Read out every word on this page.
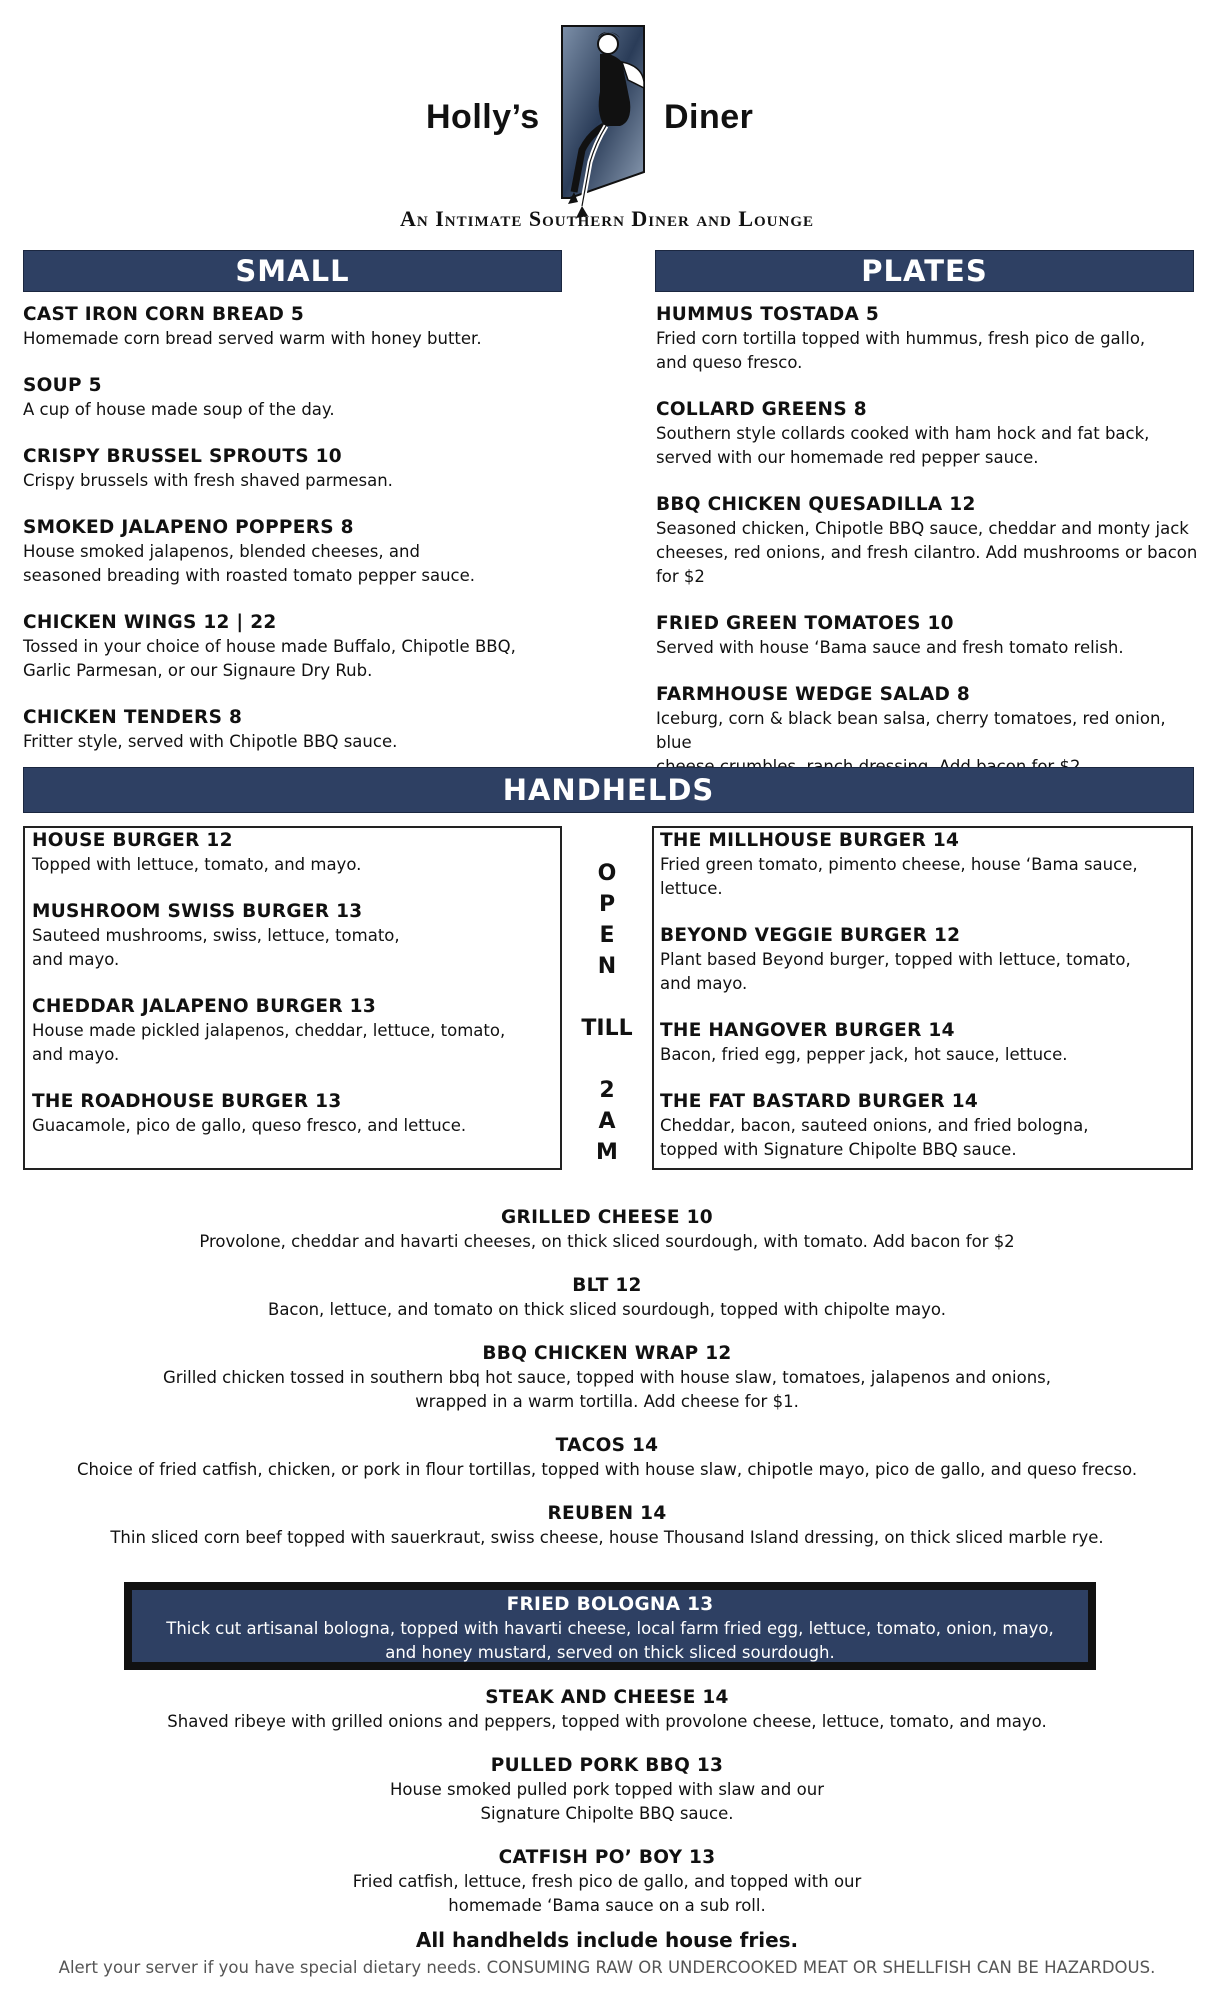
Holly’s	Diner
An Intimate Southern Diner and Lounge
SMALL
CAST IRON CORN BREAD 5
Homemade corn bread served warm with honey butter.
SOUP 5
A cup of house made soup of the day.
CRISPY BRUSSEL SPROUTS 10
Crispy brussels with fresh shaved parmesan.
SMOKED JALAPENO POPPERS 8
House smoked jalapenos, blended cheeses, and
seasoned breading with roasted tomato pepper sauce.
CHICKEN WINGS 12 | 22
Tossed in your choice of house made Buffalo, Chipotle BBQ,
Garlic Parmesan, or our Signaure Dry Rub.
CHICKEN TENDERS 8
Fritter style, served with Chipotle BBQ sauce.
PLATES
HUMMUS TOSTADA 5
Fried corn tortilla topped with hummus, fresh pico de gallo,
and queso fresco.
COLLARD GREENS 8
Southern style collards cooked with ham hock and fat back,
served with our homemade red pepper sauce.
BBQ CHICKEN QUESADILLA 12
Seasoned chicken, Chipotle BBQ sauce, cheddar and monty jack
cheeses, red onions, and fresh cilantro. Add mushrooms or bacon
for $2
FRIED GREEN TOMATOES 10
Served with house ‘Bama sauce and fresh tomato relish.
FARMHOUSE WEDGE SALAD 8
Iceburg, corn & black bean salsa, cherry tomatoes, red onion, blue
HANDHELDS
HOUSE BURGER 12
Topped with lettuce, tomato, and mayo.
MUSHROOM SWISS BURGER 13
Sauteed mushrooms, swiss, lettuce, tomato,
and mayo.
CHEDDAR JALAPENO BURGER 13
House made pickled jalapenos, cheddar, lettuce, tomato,
and mayo.
THE ROADHOUSE BURGER 13
Guacamole, pico de gallo, queso fresco, and lettuce.
O
P
E
N
TILL
2
A
M
THE MILLHOUSE BURGER 14
Fried green tomato, pimento cheese, house ‘Bama sauce, lettuce.
BEYOND VEGGIE BURGER 12
Plant based Beyond burger, topped with lettuce, tomato,
and mayo.
THE HANGOVER BURGER 14
Bacon, fried egg, pepper jack, hot sauce, lettuce.
THE FAT BASTARD BURGER 14
Cheddar, bacon, sauteed onions, and fried bologna,
topped with Signature Chipolte BBQ sauce.
GRILLED CHEESE 10
Provolone, cheddar and havarti cheeses, on thick sliced sourdough, with tomato. Add bacon for $2
BLT 12
Bacon, lettuce, and tomato on thick sliced sourdough, topped with chipolte mayo.
BBQ CHICKEN WRAP 12
Grilled chicken tossed in southern bbq hot sauce, topped with house slaw, tomatoes, jalapenos and onions,
wrapped in a warm tortilla. Add cheese for $1.
TACOS 14
Choice of fried catfish, chicken, or pork in flour tortillas, topped with house slaw, chipotle mayo, pico de gallo, and queso frecso.
REUBEN 14
Thin sliced corn beef topped with sauerkraut, swiss cheese, house Thousand Island dressing, on thick sliced marble rye.
FRIED BOLOGNA 13
Thick cut artisanal bologna, topped with havarti cheese, local farm fried egg, lettuce, tomato, onion, mayo,
and honey mustard, served on thick sliced sourdough.
STEAK AND CHEESE 14
Shaved ribeye with grilled onions and peppers, topped with provolone cheese, lettuce, tomato, and mayo.
PULLED PORK BBQ 13
House smoked pulled pork topped with slaw and our
Signature Chipolte BBQ sauce.
CATFISH PO’ BOY 13
Fried catfish, lettuce, fresh pico de gallo, and topped with our
homemade ‘Bama sauce on a sub roll.
All handhelds include house fries.
Alert your server if you have special dietary needs. CONSUMING RAW OR UNDERCOOKED MEAT OR SHELLFISH CAN BE HAZARDOUS.
